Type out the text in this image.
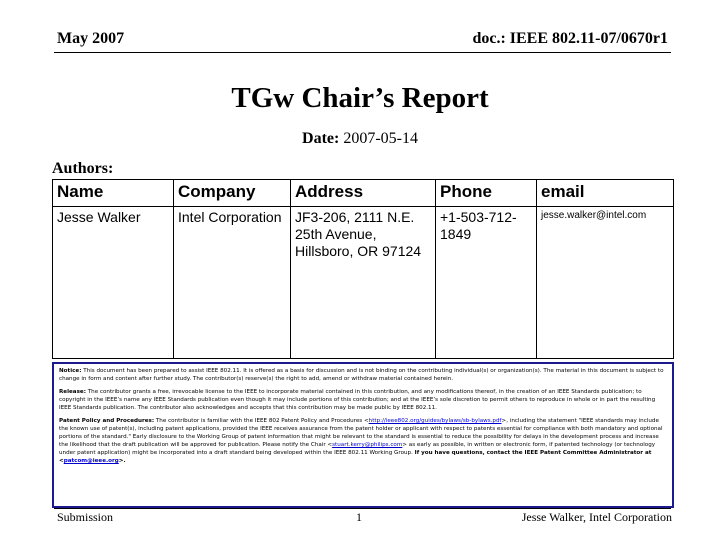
May 2007	doc.: IEEE 802.11-07/0670r1
TGw Chair’s Report
Date: 2007-05-14
Authors:
Name	Company	Address	Phone	email
Jesse Walker	Intel Corporation	JF3-206, 2111 N.E. 25th Avenue, Hillsboro, OR 97124	+1-503-712-1849	jesse.walker@intel.com

Notice: This document has been prepared to assist IEEE 802.11. It is offered as a basis for discussion and is not binding on the contributing individual(s) or organization(s). The material in this document is subject to change in form and content after further study. The contributor(s) reserve(s) the right to add, amend or withdraw material contained herein.

Release: The contributor grants a free, irrevocable license to the IEEE to incorporate material contained in this contribution, and any modifications thereof, in the creation of an IEEE Standards publication; to copyright in the IEEE’s name any IEEE Standards publication even though it may include portions of this contribution; and at the IEEE’s sole discretion to permit others to reproduce in whole or in part the resulting IEEE Standards publication. The contributor also acknowledges and accepts that this contribution may be made public by IEEE 802.11.

Patent Policy and Procedures: The contributor is familiar with the IEEE 802 Patent Policy and Procedures <http://ieee802.org/guides/bylaws/sb-bylaws.pdf>, including the statement "IEEE standards may include the known use of patent(s), including patent applications, provided the IEEE receives assurance from the patent holder or applicant with respect to patents essential for compliance with both mandatory and optional portions of the standard." Early disclosure to the Working Group of patent information that might be relevant to the standard is essential to reduce the possibility for delays in the development process and increase the likelihood that the draft publication will be approved for publication. Please notify the Chair <stuart.kerry@philips.com> as early as possible, in written or electronic form, if patented technology (or technology under patent application) might be incorporated into a draft standard being developed within the IEEE 802.11 Working Group. If you have questions, contact the IEEE Patent Committee Administrator at <patcom@ieee.org>.

Submission	1	Jesse Walker, Intel Corporation
